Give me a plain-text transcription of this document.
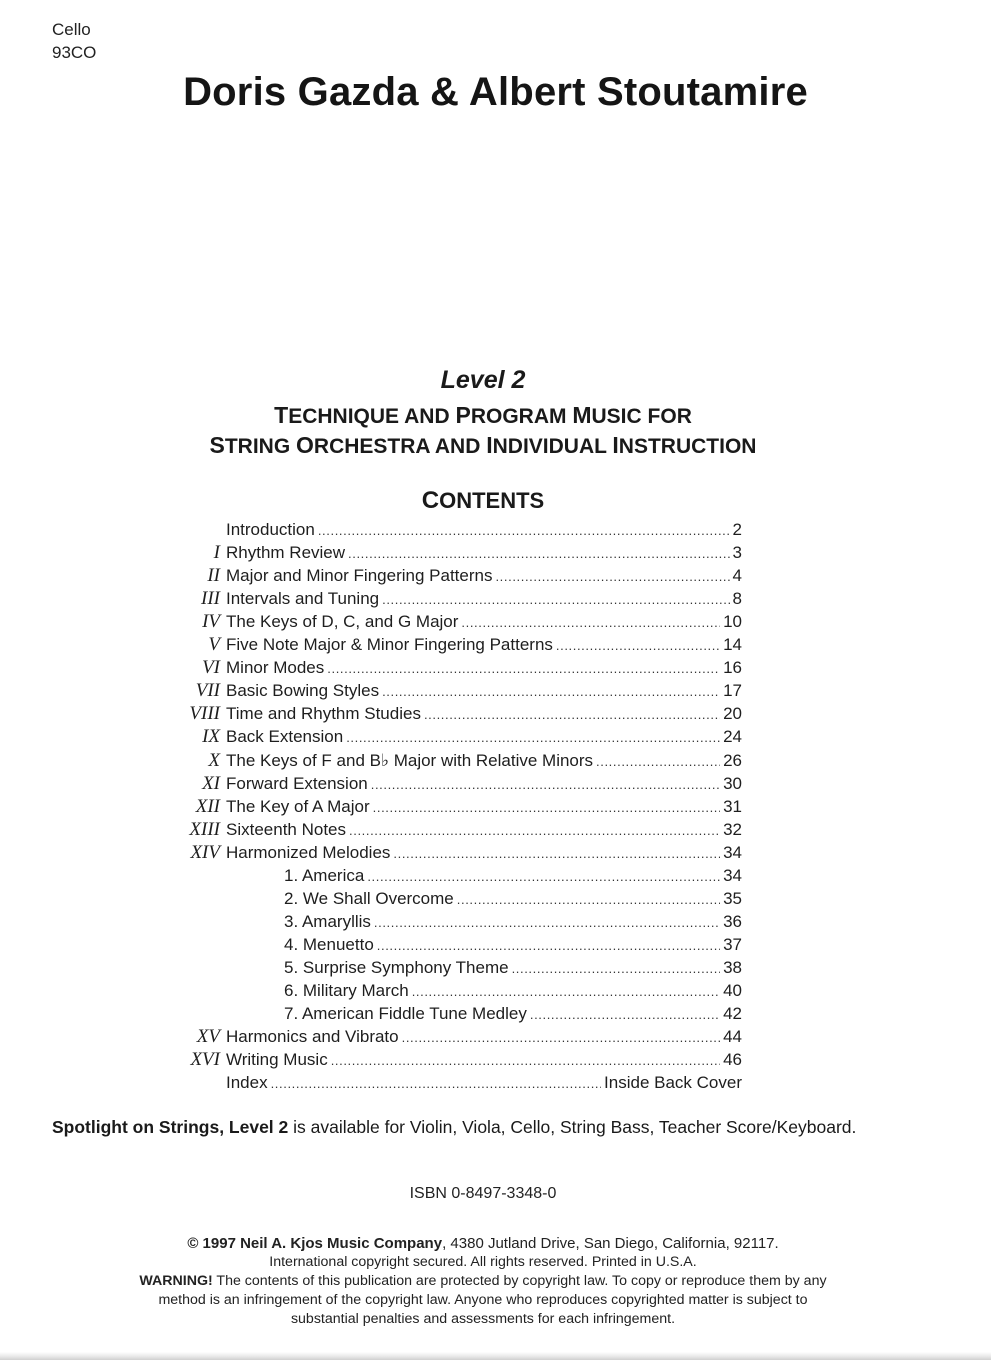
Cello
93CO
Doris Gazda & Albert Stoutamire
Level 2
TECHNIQUE AND PROGRAM MUSIC FOR
STRING ORCHESTRA AND INDIVIDUAL INSTRUCTION
CONTENTS
Introduction .....	2
I Rhythm Review .....	3
II Major and Minor Fingering Patterns .....	4
III Intervals and Tuning .....	8
IV The Keys of D, C, and G Major .....	10
V Five Note Major & Minor Fingering Patterns .....	14
VI Minor Modes .....	16
VII Basic Bowing Styles .....	17
VIII Time and Rhythm Studies .....	20
IX Back Extension .....	24
X The Keys of F and B♭ Major with Relative Minors .....	26
XI Forward Extension .....	30
XII The Key of A Major .....	31
XIII Sixteenth Notes .....	32
XIV Harmonized Melodies .....	34
1. America .....	34
2. We Shall Overcome .....	35
3. Amaryllis .....	36
4. Menuetto .....	37
5. Surprise Symphony Theme .....	38
6. Military March .....	40
7. American Fiddle Tune Medley .....	42
XV Harmonics and Vibrato .....	44
XVI Writing Music .....	46
Index .....	Inside Back Cover
Spotlight on Strings, Level 2 is available for Violin, Viola, Cello, String Bass, Teacher Score/Keyboard.
ISBN 0-8497-3348-0
© 1997 Neil A. Kjos Music Company, 4380 Jutland Drive, San Diego, California, 92117.
International copyright secured. All rights reserved. Printed in U.S.A.
WARNING! The contents of this publication are protected by copyright law. To copy or reproduce them by any
method is an infringement of the copyright law. Anyone who reproduces copyrighted matter is subject to
substantial penalties and assessments for each infringement.
